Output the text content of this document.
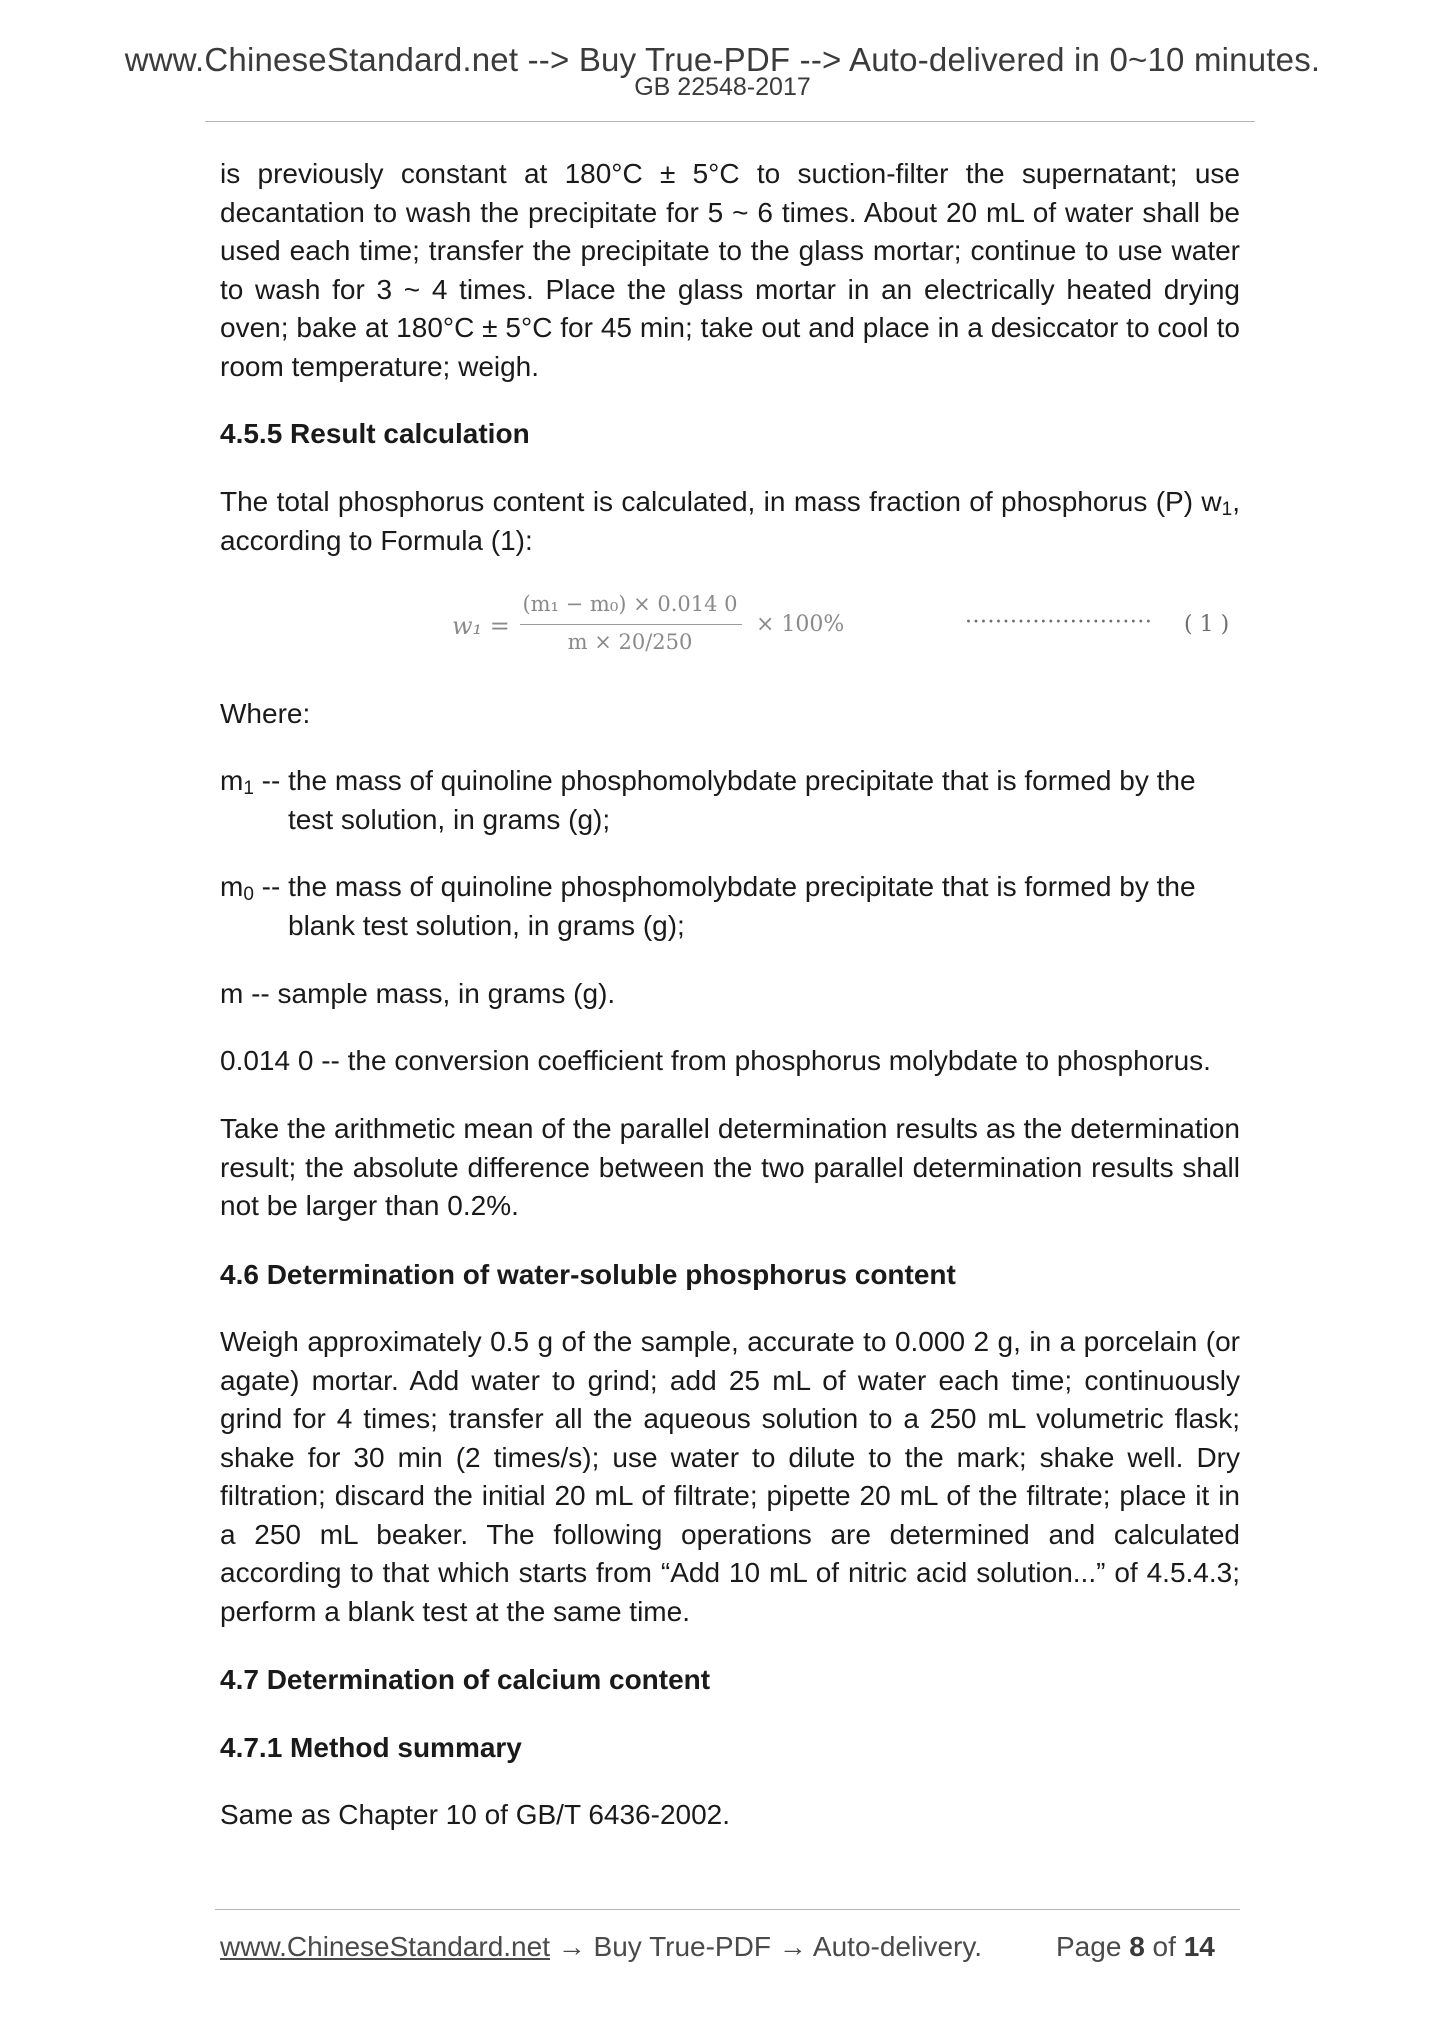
www.ChineseStandard.net --> Buy True-PDF --> Auto-delivered in 0~10 minutes.
GB 22548-2017

is previously constant at 180°C ± 5°C to suction-filter the supernatant; use decantation to wash the precipitate for 5 ~ 6 times. About 20 mL of water shall be used each time; transfer the precipitate to the glass mortar; continue to use water to wash for 3 ~ 4 times. Place the glass mortar in an electrically heated drying oven; bake at 180°C ± 5°C for 45 min; take out and place in a desiccator to cool to room temperature; weigh.

4.5.5 Result calculation

The total phosphorus content is calculated, in mass fraction of phosphorus (P) $w_1$, according to Formula (1):

w₁ =
(m₁ − m₀) × 0.014 0
m × 20/250
× 100%	························· ( 1 )

Where:

$m_1$ -- the mass of quinoline phosphomolybdate precipitate that is formed by the
test solution, in grams (g);
$m_0$ -- the mass of quinoline phosphomolybdate precipitate that is formed by the
blank test solution, in grams (g);
m -- sample mass, in grams (g).
0.014 0 -- the conversion coefficient from phosphorus molybdate to phosphorus.

Take the arithmetic mean of the parallel determination results as the determination result; the absolute difference between the two parallel determination results shall not be larger than 0.2%.

4.6 Determination of water-soluble phosphorus content

Weigh approximately 0.5 g of the sample, accurate to 0.000 2 g, in a porcelain (or agate) mortar. Add water to grind; add 25 mL of water each time; continuously grind for 4 times; transfer all the aqueous solution to a 250 mL volumetric flask; shake for 30 min (2 times/s); use water to dilute to the mark; shake well. Dry filtration; discard the initial 20 mL of filtrate; pipette 20 mL of the filtrate; place it in a 250 mL beaker. The following operations are determined and calculated according to that which starts from “Add 10 mL of nitric acid solution...” of 4.5.4.3; perform a blank test at the same time.

4.7 Determination of calcium content
4.7.1 Method summary

Same as Chapter 10 of GB/T 6436-2002.

www.ChineseStandard.net → Buy True-PDF → Auto-delivery.	Page 8 of 14
